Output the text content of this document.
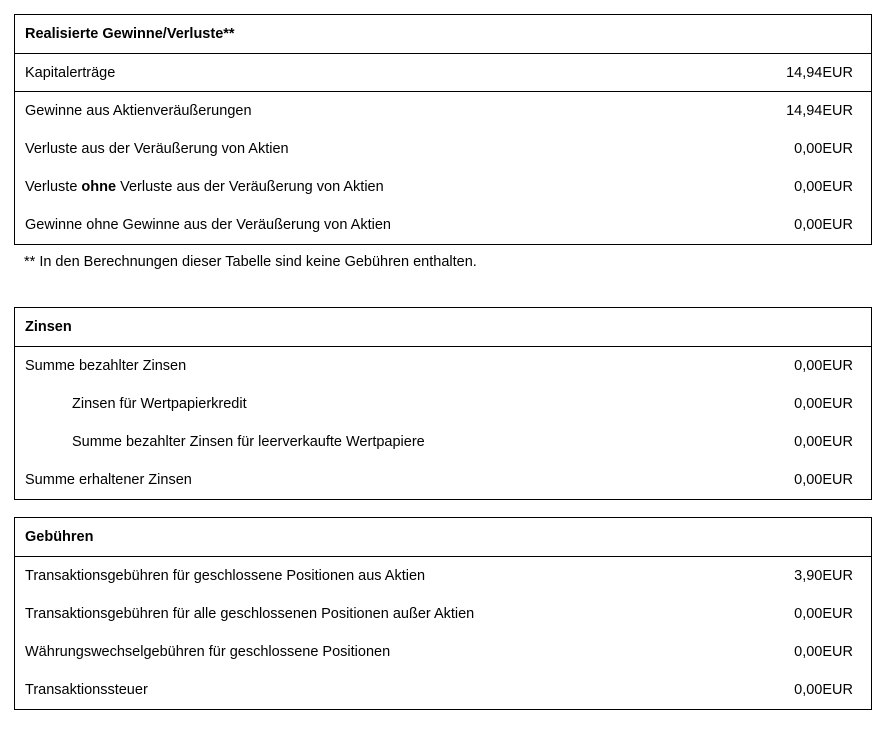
Realisierte Gewinne/Verluste**
Kapitalerträge	14,94 EUR
Gewinne aus Aktienveräußerungen	14,94 EUR
Verluste aus der Veräußerung von Aktien	0,00 EUR
Verluste ohne Verluste aus der Veräußerung von Aktien	0,00 EUR
Gewinne ohne Gewinne aus der Veräußerung von Aktien	0,00 EUR
** In den Berechnungen dieser Tabelle sind keine Gebühren enthalten.
Zinsen
Summe bezahlter Zinsen	0,00 EUR
Zinsen für Wertpapierkredit	0,00 EUR
Summe bezahlter Zinsen für leerverkaufte Wertpapiere	0,00 EUR
Summe erhaltener Zinsen	0,00 EUR
Gebühren
Transaktionsgebühren für geschlossene Positionen aus Aktien	3,90 EUR
Transaktionsgebühren für alle geschlossenen Positionen außer Aktien	0,00 EUR
Währungswechselgebühren für geschlossene Positionen	0,00 EUR
Transaktionssteuer	0,00 EUR
